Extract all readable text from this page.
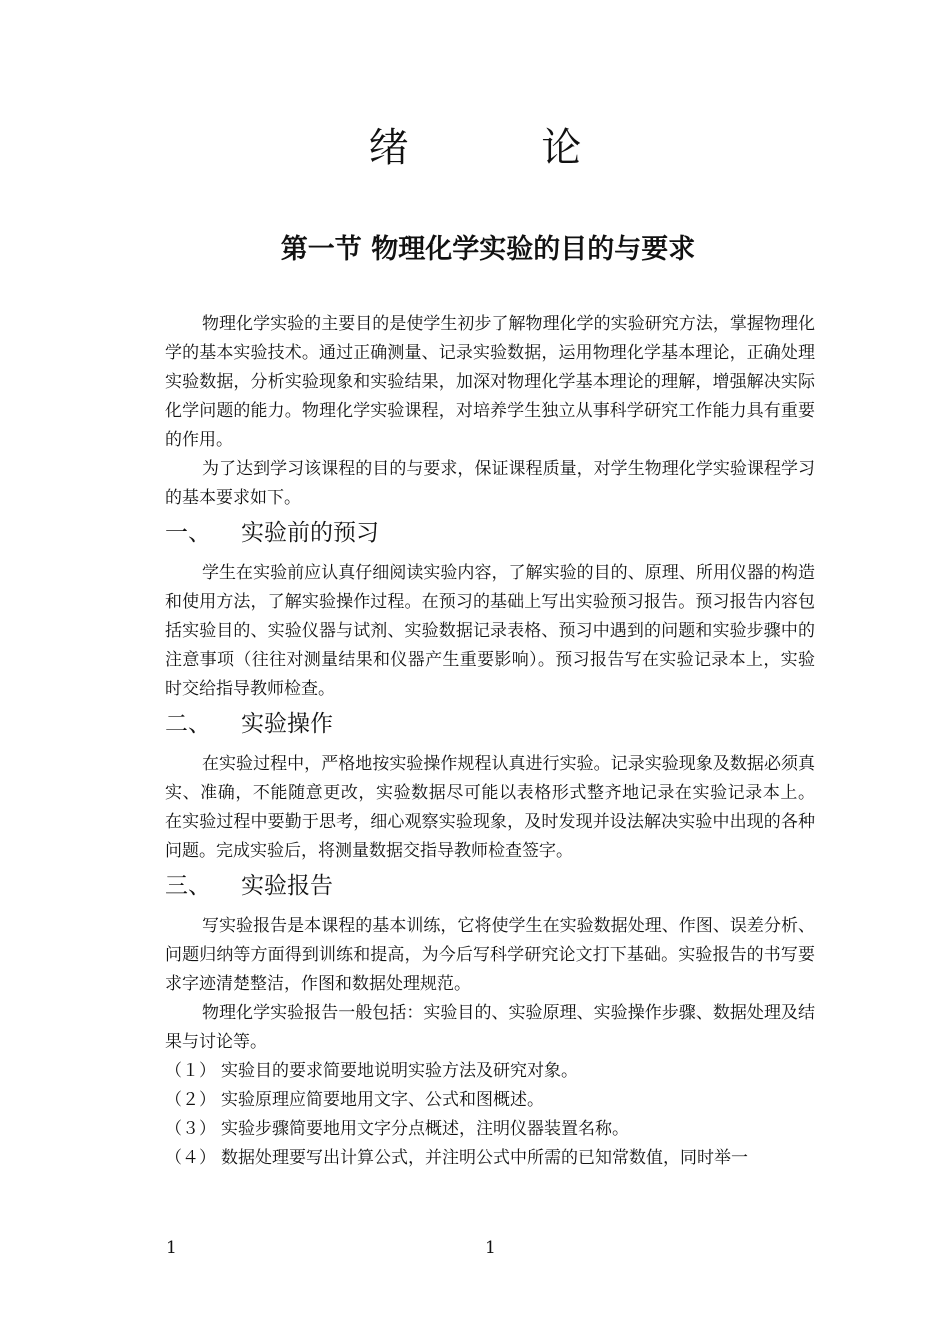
绪 论
第一节 物理化学实验的目的与要求

物理化学实验的主要目的是使学生初步了解物理化学的实验研究方法，掌握物理化学的基本实验技术。通过正确测量、记录实验数据，运用物理化学基本理论，正确处理实验数据，分析实验现象和实验结果，加深对物理化学基本理论的理解，增强解决实际化学问题的能力。物理化学实验课程，对培养学生独立从事科学研究工作能力具有重要的作用。

为了达到学习该课程的目的与要求，保证课程质量，对学生物理化学实验课程学习的基本要求如下。

一、	实验前的预习

学生在实验前应认真仔细阅读实验内容，了解实验的目的、原理、所用仪器的构造和使用方法，了解实验操作过程。在预习的基础上写出实验预习报告。预习报告内容包括实验目的、实验仪器与试剂、实验数据记录表格、预习中遇到的问题和实验步骤中的注意事项（往往对测量结果和仪器产生重要影响）。预习报告写在实验记录本上，实验时交给指导教师检查。

二、	实验操作

在实验过程中，严格地按实验操作规程认真进行实验。记录实验现象及数据必须真实、准确，不能随意更改，实验数据尽可能以表格形式整齐地记录在实验记录本上。 在实验过程中要勤于思考，细心观察实验现象，及时发现并设法解决实验中出现的各种问题。完成实验后，将测量数据交指导教师检查签字。

三、	实验报告

写实验报告是本课程的基本训练，它将使学生在实验数据处理、作图、误差分析、问题归纳等方面得到训练和提高，为今后写科学研究论文打下基础。实验报告的书写要求字迹清楚整洁，作图和数据处理规范。

物理化学实验报告一般包括：实验目的、实验原理、实验操作步骤、数据处理及结果与讨论等。

（１） 实验目的要求简要地说明实验方法及研究对象。
（２） 实验原理应简要地用文字、公式和图概述。
（３） 实验步骤简要地用文字分点概述，注明仪器装置名称。
（４） 数据处理要写出计算公式，并注明公式中所需的已知常数值，同时举一
1	1
